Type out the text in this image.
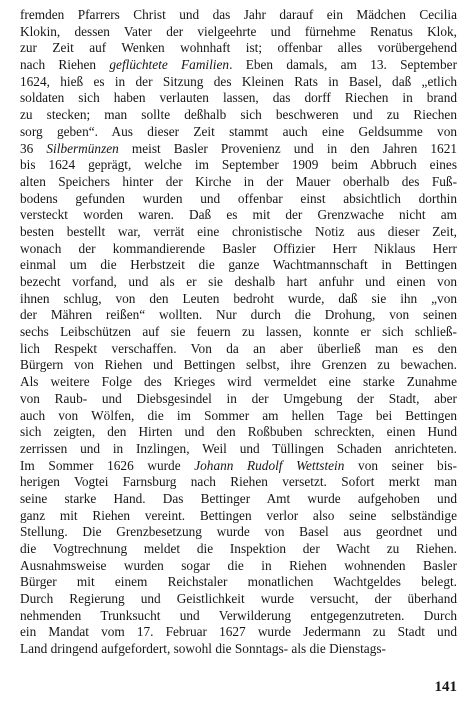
fremden Pfarrers Christ und das Jahr darauf ein Mädchen Cecilia
Klokin, dessen Vater der vielgeehrte und fürnehme Renatus Klok,
zur Zeit auf Wenken wohnhaft ist; offenbar alles vorübergehend
nach Riehen geflüchtete Familien. Eben damals, am 13. September
1624, hieß es in der Sitzung des Kleinen Rats in Basel, daß „etlich
soldaten sich haben verlauten lassen, das dorff Riechen in brand
zu stecken; man sollte deßhalb sich beschweren und zu Riechen
sorg geben“. Aus dieser Zeit stammt auch eine Geldsumme von
36 Silbermünzen meist Basler Provenienz und in den Jahren 1621
bis 1624 geprägt, welche im September 1909 beim Abbruch eines
alten Speichers hinter der Kirche in der Mauer oberhalb des Fuß-
bodens gefunden wurden und offenbar einst absichtlich dorthin
versteckt worden waren. Daß es mit der Grenzwache nicht am
besten bestellt war, verrät eine chronistische Notiz aus dieser Zeit,
wonach der kommandierende Basler Offizier Herr Niklaus Herr
einmal um die Herbstzeit die ganze Wachtmannschaft in Bettingen
bezecht vorfand, und als er sie deshalb hart anfuhr und einen von
ihnen schlug, von den Leuten bedroht wurde, daß sie ihn „von
der Mähren reißen“ wollten. Nur durch die Drohung, von seinen
sechs Leibschützen auf sie feuern zu lassen, konnte er sich schließ-
lich Respekt verschaffen. Von da an aber überließ man es den
Bürgern von Riehen und Bettingen selbst, ihre Grenzen zu bewachen.
Als weitere Folge des Krieges wird vermeldet eine starke Zunahme
von Raub- und Diebsgesindel in der Umgebung der Stadt, aber
auch von Wölfen, die im Sommer am hellen Tage bei Bettingen
sich zeigten, den Hirten und den Roßbuben schreckten, einen Hund
zerrissen und in Inzlingen, Weil und Tüllingen Schaden anrichteten.
Im Sommer 1626 wurde Johann Rudolf Wettstein von seiner bis-
herigen Vogtei Farnsburg nach Riehen versetzt. Sofort merkt man
seine starke Hand. Das Bettinger Amt wurde aufgehoben und
ganz mit Riehen vereint. Bettingen verlor also seine selbständige
Stellung. Die Grenzbesetzung wurde von Basel aus geordnet und
die Vogtrechnung meldet die Inspektion der Wacht zu Riehen.
Ausnahmsweise wurden sogar die in Riehen wohnenden Basler
Bürger mit einem Reichstaler monatlichen Wachtgeldes belegt.
Durch Regierung und Geistlichkeit wurde versucht, der überhand
nehmenden Trunksucht und Verwilderung entgegenzutreten. Durch
ein Mandat vom 17. Februar 1627 wurde Jedermann zu Stadt und
Land dringend aufgefordert, sowohl die Sonntags- als die Dienstags-
141
